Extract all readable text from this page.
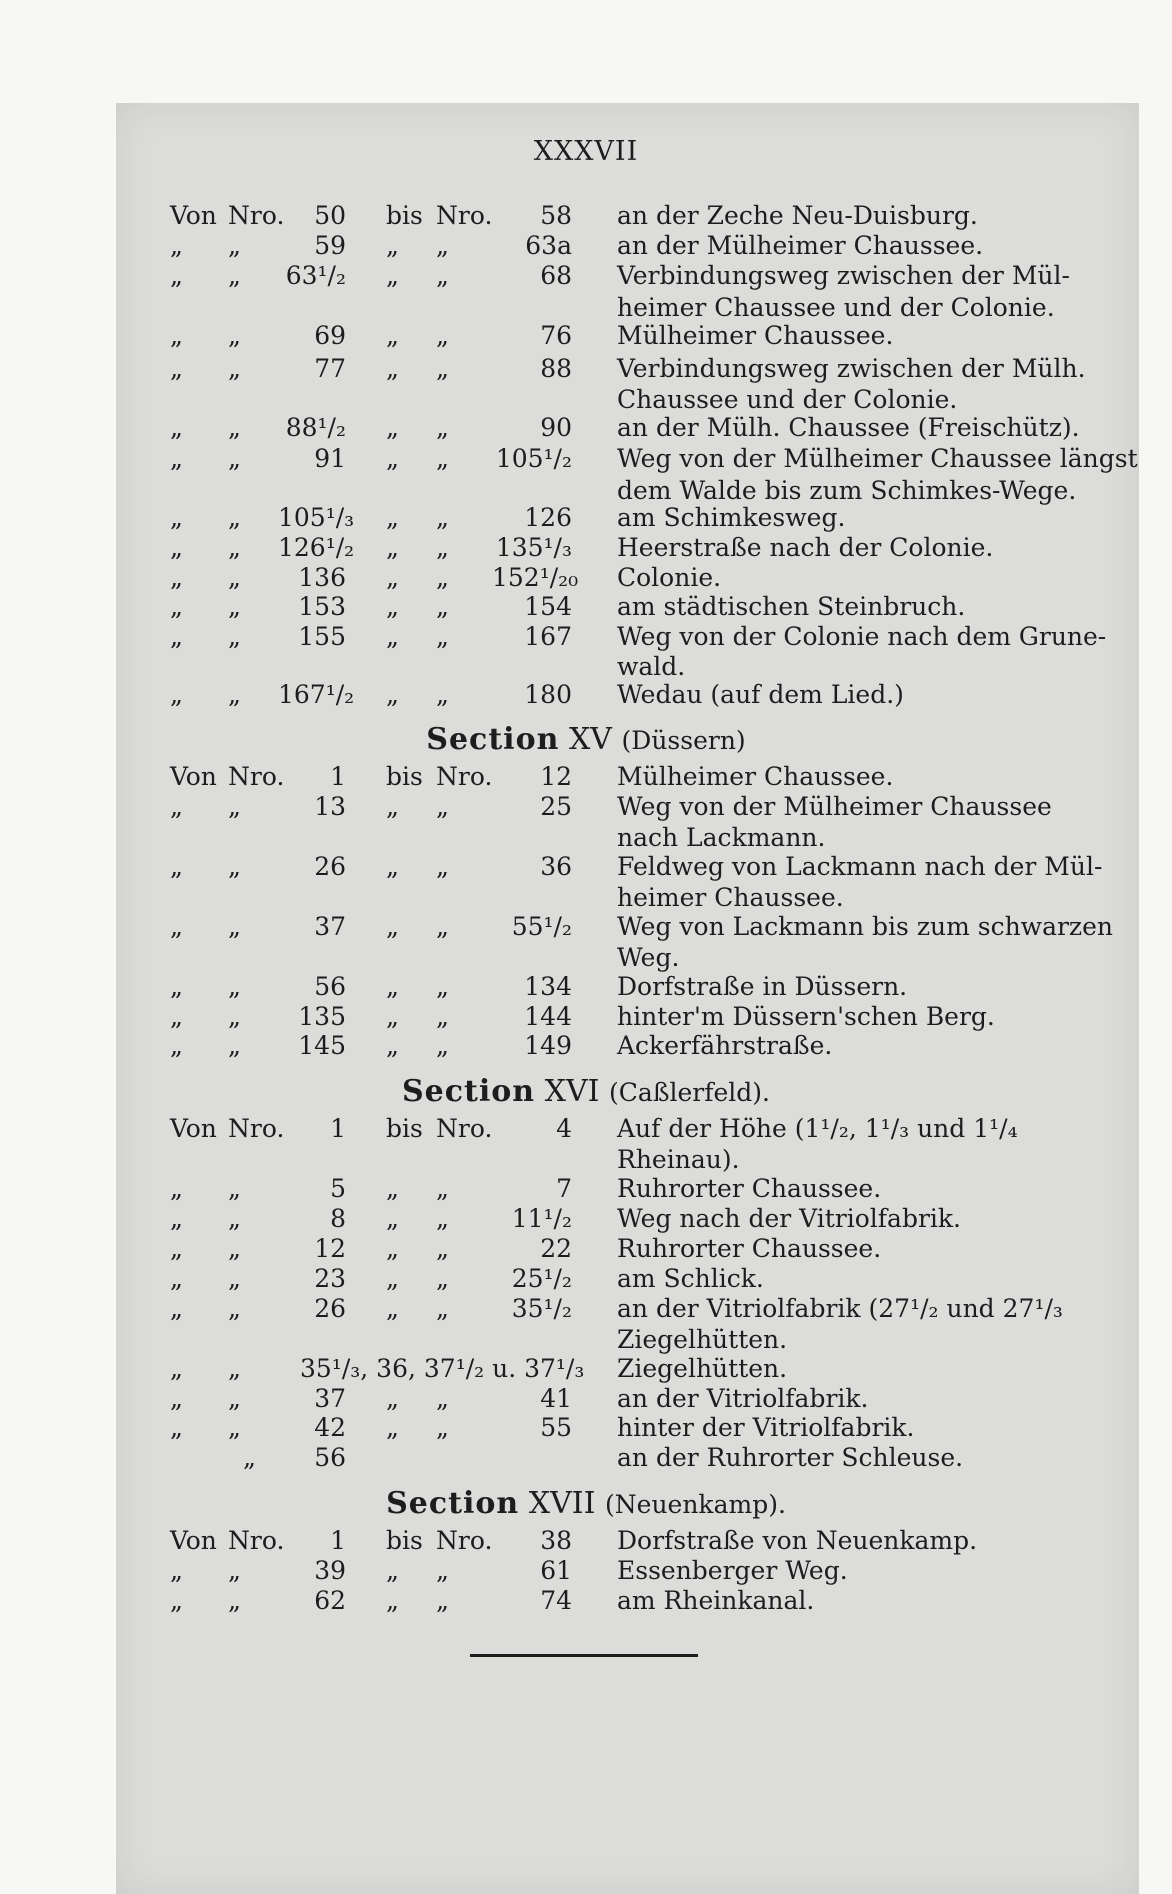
XXXVII
Von Nro.	50 bis Nro.	58 an der Zeche Neu-Duisburg.
„ „	59 „ „	63a an der Mülheimer Chaussee.
„ „	63¹/₂ „ „	68 Verbindungsweg zwischen der Mül-
heimer Chaussee und der Colonie.
„ „	69 „ „	76 Mülheimer Chaussee.
„ „	77 „ „	88 Verbindungsweg zwischen der Mülh.
Chaussee und der Colonie.
„ „	88¹/₂ „ „	90 an der Mülh. Chaussee (Freischütz).
„ „	91 „ „ 105¹/₂ Weg von der Mülheimer Chaussee längst
dem Walde bis zum Schimkes-Wege.
„ „ 105¹/₃ „ „	126 am Schimkesweg.
„ „ 126¹/₂ „ „ 135¹/₃ Heerstraße nach der Colonie.
„ „	136 „ „ 152¹/₂₀ Colonie.
„ „	153 „ „	154 am städtischen Steinbruch.
„ „	155 „ „	167 Weg von der Colonie nach dem Grune-
wald.
„ „ 167¹/₂ „ „	180 Wedau (auf dem Lied.)
Section XV (Düssern)
Von Nro.	1 bis Nro.	12 Mülheimer Chaussee.
„ „	13 „ „	25 Weg von der Mülheimer Chaussee
nach Lackmann.
„ „	26 „ „	36 Feldweg von Lackmann nach der Mül-
heimer Chaussee.
„ „	37 „ „	55¹/₂ Weg von Lackmann bis zum schwarzen
Weg.
„ „	56 „ „	134 Dorfstraße in Düssern.
„ „	135 „ „	144 hinter'm Düssern'schen Berg.
„ „	145 „ „	149 Ackerfährstraße.
Section XVI (Caßlerfeld).
Von Nro.	1 bis Nro.	4 Auf der Höhe (1¹/₂, 1¹/₃ und 1¹/₄
Rheinau).
„ „	5 „ „	7 Ruhrorter Chaussee.
„ „	8 „ „	11¹/₂ Weg nach der Vitriolfabrik.
„ „	12 „ „	22 Ruhrorter Chaussee.
„ „	23 „ „	25¹/₂ am Schlick.
„ „	26 „ „	35¹/₂ an der Vitriolfabrik (27¹/₂ und 27¹/₃
Ziegelhütten.
„ „ 35¹/₃, 36, 37¹/₂ u. 37¹/₃ Ziegelhütten.
„ „	37 „ „	41 an der Vitriolfabrik.
„ „	42 „ „	55 hinter der Vitriolfabrik.
„	56	an der Ruhrorter Schleuse.
Section XVII (Neuenkamp).
Von Nro.	1 bis Nro.	38 Dorfstraße von Neuenkamp.
„ „	39 „ „	61 Essenberger Weg.
„ „	62 „ „	74 am Rheinkanal.
